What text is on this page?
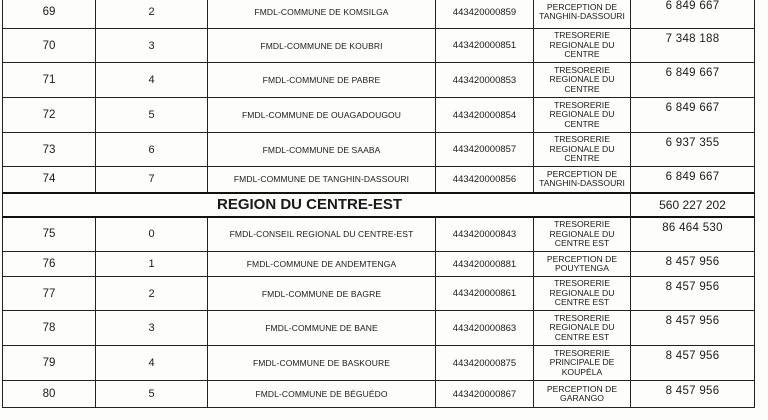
69	2	FMDL-COMMUNE DE KOMSILGA	443420000859	PERCEPTION DE
TANGHIN-DASSOURI	6 849 667
70	3	FMDL-COMMUNE DE KOUBRI	443420000851	TRESORERIE
REGIONALE DU
CENTRE	7 348 188
71	4	FMDL-COMMUNE DE PABRE	443420000853	TRESORERIE
REGIONALE DU
CENTRE	6 849 667
72	5	FMDL-COMMUNE DE OUAGADOUGOU	443420000854	TRESORERIE
REGIONALE DU
CENTRE	6 849 667
73	6	FMDL-COMMUNE DE SAABA	443420000857	TRESORERIE
REGIONALE DU
CENTRE	6 937 355
74	7	FMDL-COMMUNE DE TANGHIN-DASSOURI	443420000856	PERCEPTION DE
TANGHIN-DASSOURI	6 849 667
REGION DU CENTRE-EST					560 227 202
75	0	FMDL-CONSEIL REGIONAL DU CENTRE-EST	443420000843	TRESORERIE
REGIONALE DU
CENTRE EST	86 464 530
76	1	FMDL-COMMUNE DE ANDEMTENGA	443420000881	PERCEPTION DE
POUYTENGA	8 457 956
77	2	FMDL-COMMUNE DE BAGRE	443420000861	TRESORERIE
REGIONALE DU
CENTRE EST	8 457 956
78	3	FMDL-COMMUNE DE BANE	443420000863	TRESORERIE
REGIONALE DU
CENTRE EST	8 457 956
79	4	FMDL-COMMUNE DE BASKOURE	443420000875	TRESORERIE
PRINCIPALE DE
KOUPÉLA	8 457 956
80	5	FMDL-COMMUNE DE BÉGUÉDO	443420000867	PERCEPTION DE
GARANGO	8 457 956
